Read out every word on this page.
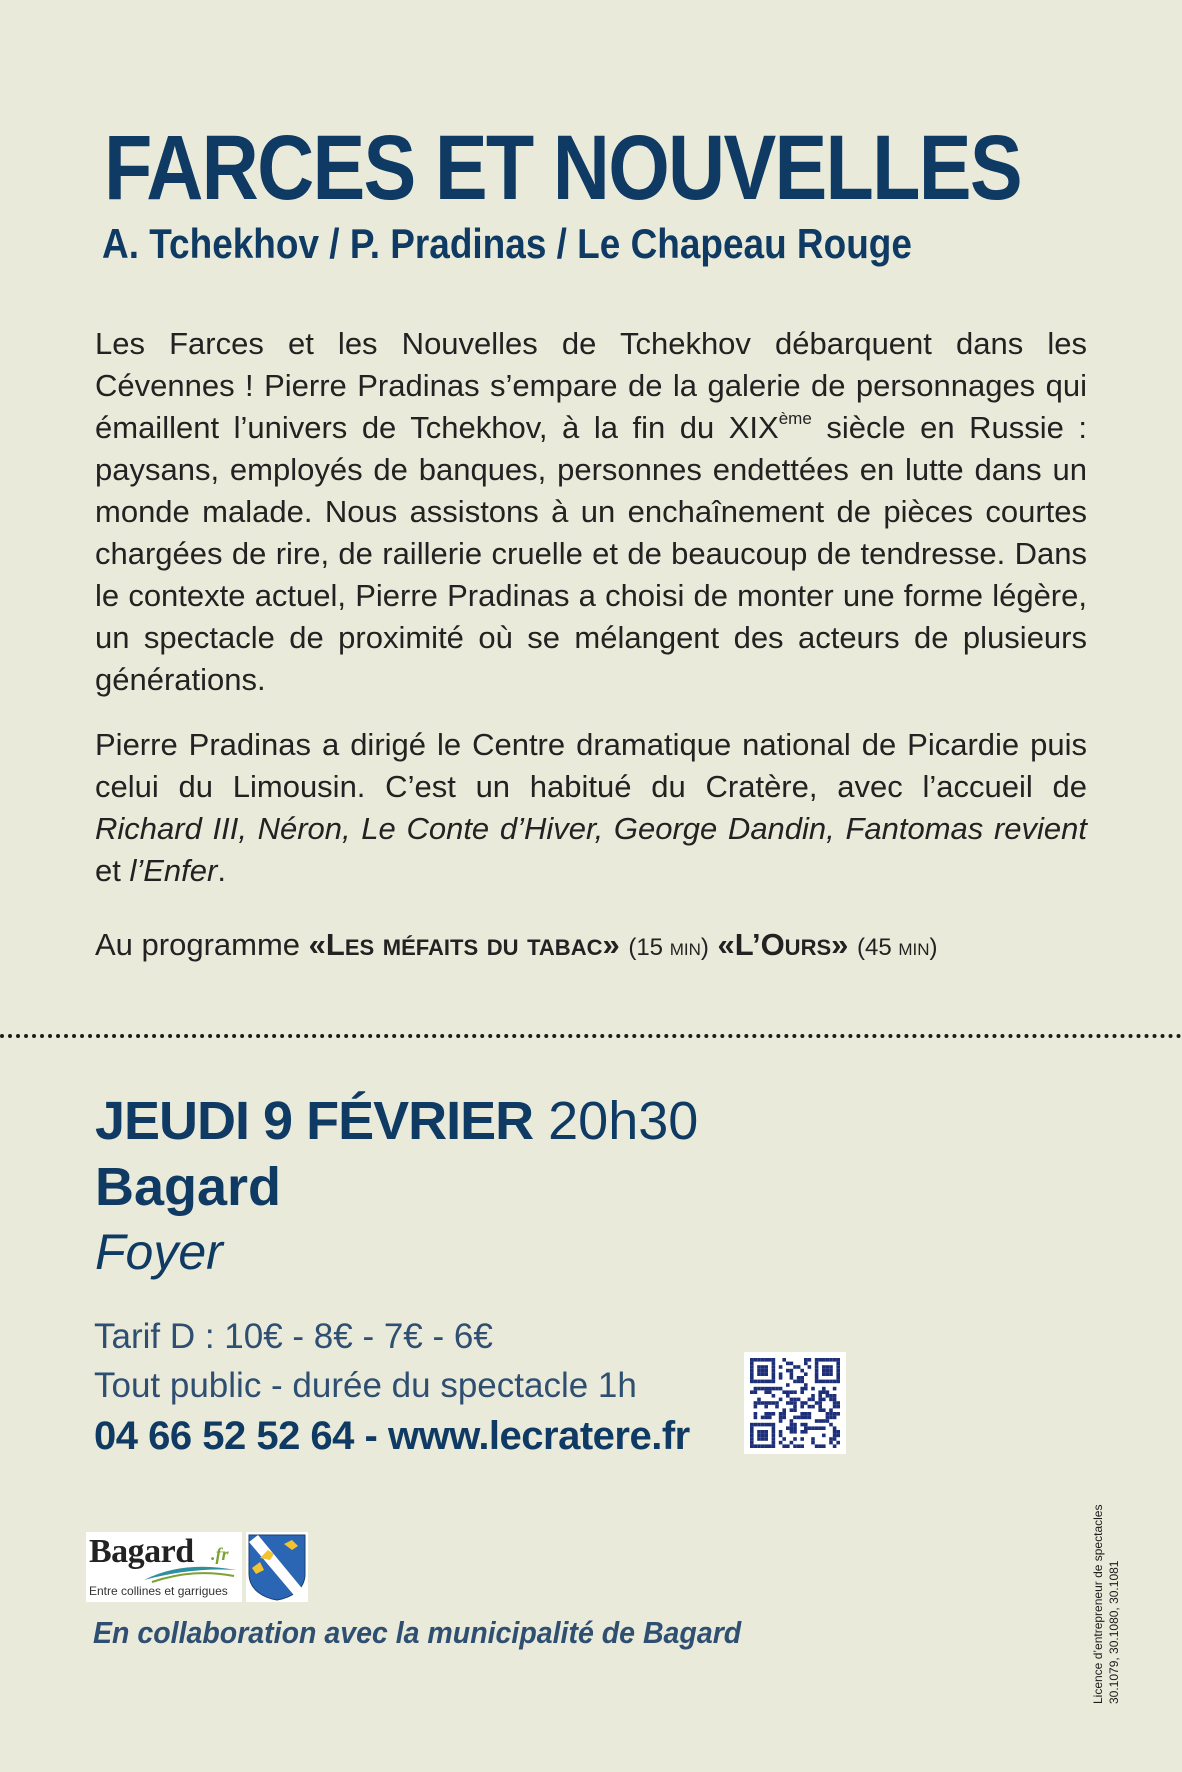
FARCES ET NOUVELLES
A. Tchekhov / P. Pradinas / Le Chapeau Rouge

Les Farces et les Nouvelles de Tchekhov débarquent dans les Cévennes ! Pierre Pradinas s’empare de la galerie de personnages qui émaillent l’univers de Tchekhov, à la fin du XIXème siècle en Russie : paysans, employés de banques, personnes endettées en lutte dans un monde malade. Nous assistons à un enchaînement de pièces courtes chargées de rire, de raillerie cruelle et de beaucoup de tendresse. Dans le contexte actuel, Pierre Pradinas a choisi de monter une forme légère, un spectacle de proximité où se mélangent des acteurs de plusieurs générations.

Pierre Pradinas a dirigé le Centre dramatique national de Picardie puis celui du Limousin. C’est un habitué du Cratère, avec l’accueil de Richard III, Néron, Le Conte d’Hiver, George Dandin, Fantomas revient et l’Enfer.

Au programme «Les méfaits du tabac» (15 min) «L’Ours» (45 min)

JEUDI 9 FÉVRIER 20h30

Bagard

Foyer

Tarif D : 10€ - 8€ - 7€ - 6€

Tout public - durée du spectacle 1h

04 66 52 52 64 - www.lecratere.fr

Bagard .fr
Entre collines et garrigues

En collaboration avec la municipalité de Bagard	Licence d’entrepreneur de spectacles 30.1079, 30.1080, 30.1081
